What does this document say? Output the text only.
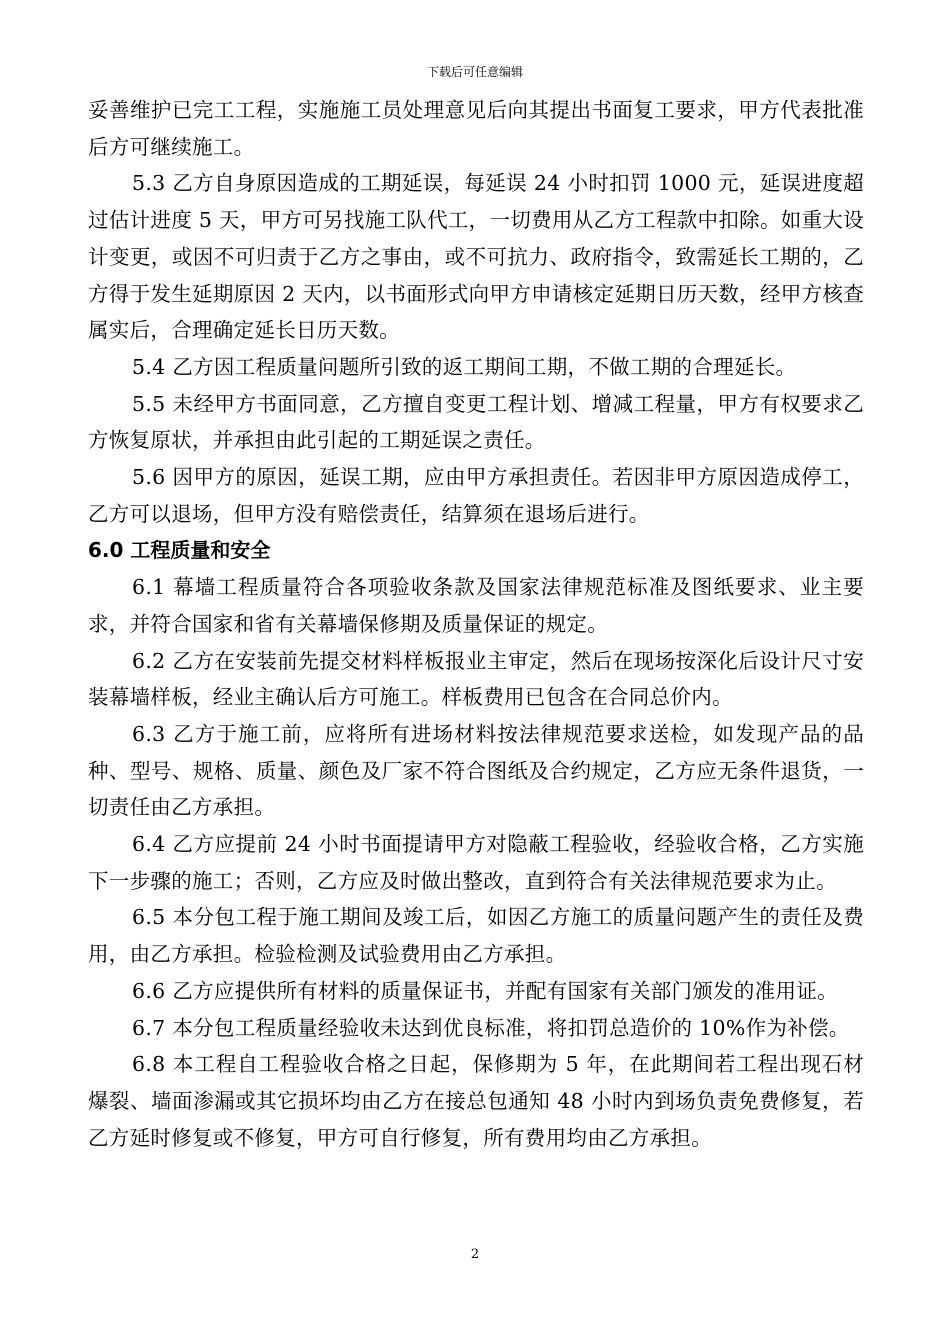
下载后可任意编辑

妥善维护已完工工程，实施施工员处理意见后向其提出书面复工要求，甲方代表批准后方可继续施工。

5.3 乙方自身原因造成的工期延误，每延误 24 小时扣罚 1000 元，延误进度超过估计进度 5 天，甲方可另找施工队代工，一切费用从乙方工程款中扣除。如重大设计变更，或因不可归责于乙方之事由，或不可抗力、政府指令，致需延长工期的，乙方得于发生延期原因 2 天内，以书面形式向甲方申请核定延期日历天数，经甲方核查属实后，合理确定延长日历天数。

5.4 乙方因工程质量问题所引致的返工期间工期，不做工期的合理延长。

5.5 未经甲方书面同意，乙方擅自变更工程计划、增减工程量，甲方有权要求乙方恢复原状，并承担由此引起的工期延误之责任。

5.6 因甲方的原因，延误工期，应由甲方承担责任。若因非甲方原因造成停工，乙方可以退场，但甲方没有赔偿责任，结算须在退场后进行。

6.0 工程质量和安全

6.1 幕墙工程质量符合各项验收条款及国家法律规范标准及图纸要求、业主要求，并符合国家和省有关幕墙保修期及质量保证的规定。

6.2 乙方在安装前先提交材料样板报业主审定，然后在现场按深化后设计尺寸安装幕墙样板，经业主确认后方可施工。样板费用已包含在合同总价内。

6.3 乙方于施工前，应将所有进场材料按法律规范要求送检，如发现产品的品种、型号、规格、质量、颜色及厂家不符合图纸及合约规定，乙方应无条件退货，一切责任由乙方承担。

6.4 乙方应提前 24 小时书面提请甲方对隐蔽工程验收，经验收合格，乙方实施下一步骤的施工；否则，乙方应及时做出整改，直到符合有关法律规范要求为止。

6.5 本分包工程于施工期间及竣工后，如因乙方施工的质量问题产生的责任及费用，由乙方承担。检验检测及试验费用由乙方承担。

6.6 乙方应提供所有材料的质量保证书，并配有国家有关部门颁发的准用证。

6.7 本分包工程质量经验收未达到优良标准，将扣罚总造价的 10%作为补偿。

6.8 本工程自工程验收合格之日起，保修期为 5 年，在此期间若工程出现石材爆裂、墙面渗漏或其它损坏均由乙方在接总包通知 48 小时内到场负责免费修复，若乙方延时修复或不修复，甲方可自行修复，所有费用均由乙方承担。

2
